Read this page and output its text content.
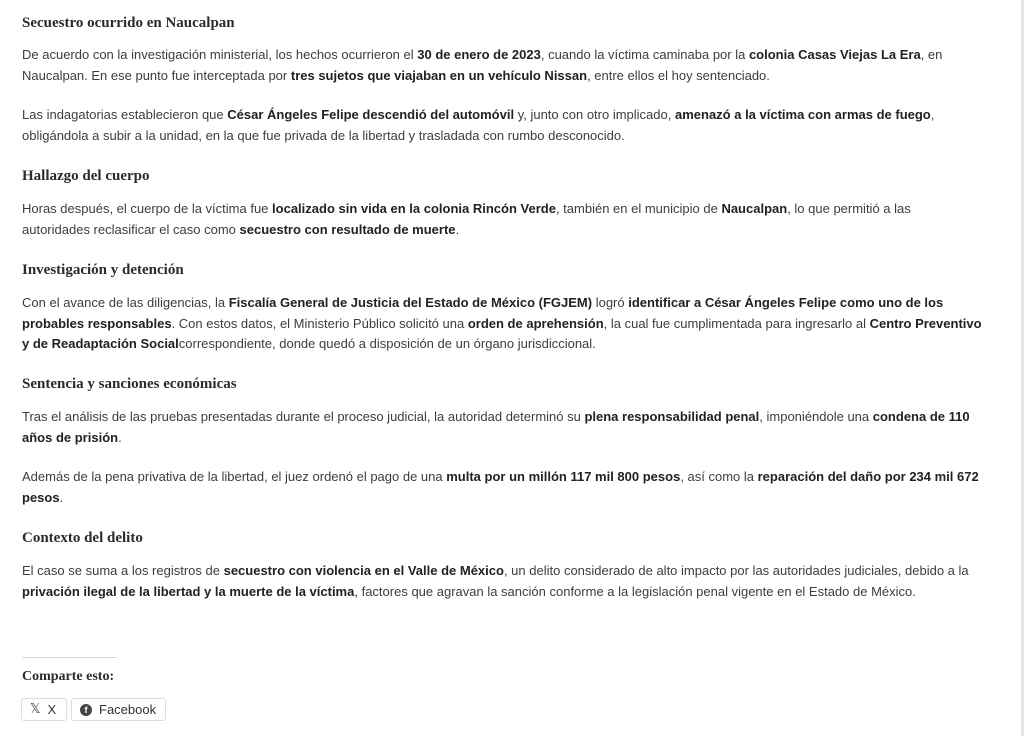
Secuestro ocurrido en Naucalpan

De acuerdo con la investigación ministerial, los hechos ocurrieron el 30 de enero de 2023, cuando la víctima caminaba por la colonia Casas Viejas La Era, en Naucalpan. En ese punto fue interceptada por tres sujetos que viajaban en un vehículo Nissan, entre ellos el hoy sentenciado.

Las indagatorias establecieron que César Ángeles Felipe descendió del automóvil y, junto con otro implicado, amenazó a la víctima con armas de fuego, obligándola a subir a la unidad, en la que fue privada de la libertad y trasladada con rumbo desconocido.

Hallazgo del cuerpo

Horas después, el cuerpo de la víctima fue localizado sin vida en la colonia Rincón Verde, también en el municipio de Naucalpan, lo que permitió a las autoridades reclasificar el caso como secuestro con resultado de muerte.

Investigación y detención

Con el avance de las diligencias, la Fiscalía General de Justicia del Estado de México (FGJEM) logró identificar a César Ángeles Felipe como uno de los probables responsables. Con estos datos, el Ministerio Público solicitó una orden de aprehensión, la cual fue cumplimentada para ingresarlo al Centro Preventivo y de Readaptación Socialcorrespondiente, donde quedó a disposición de un órgano jurisdiccional.

Sentencia y sanciones económicas

Tras el análisis de las pruebas presentadas durante el proceso judicial, la autoridad determinó su plena responsabilidad penal, imponiéndole una condena de 110 años de prisión.

Además de la pena privativa de la libertad, el juez ordenó el pago de una multa por un millón 117 mil 800 pesos, así como la reparación del daño por 234 mil 672 pesos.

Contexto del delito

El caso se suma a los registros de secuestro con violencia en el Valle de México, un delito considerado de alto impacto por las autoridades judiciales, debido a la privación ilegal de la libertad y la muerte de la víctima, factores que agravan la sanción conforme a la legislación penal vigente en el Estado de México.

Comparte esto:
𝕏 X	f Facebook
